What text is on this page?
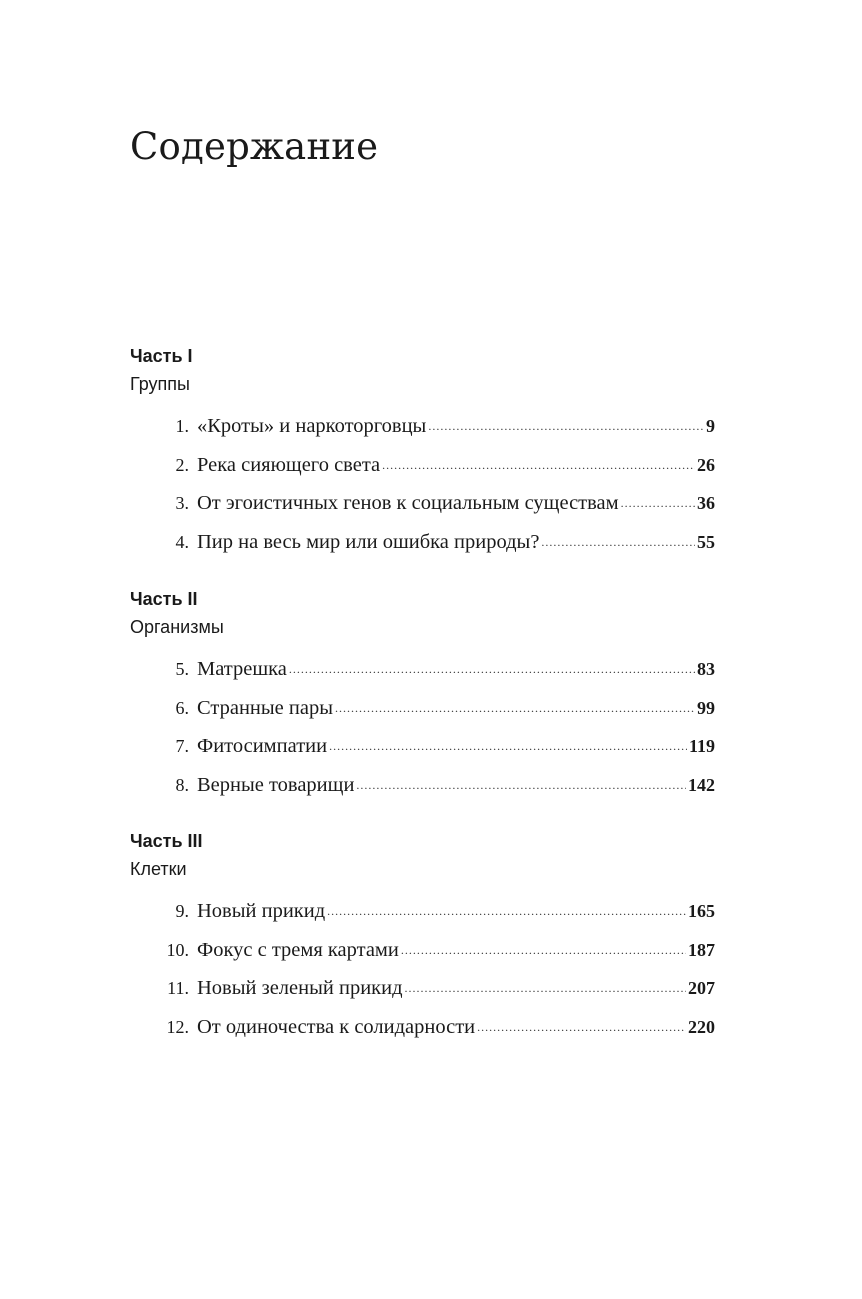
Содержание
Часть I
Группы
1. «Кроты» и наркоторговцы .....	9
2. Река сияющего света .....	26
3. От эгоистичных генов к социальным существам .....	36
4. Пир на весь мир или ошибка природы? .....	55
Часть II
Организмы
5. Матрешка .....	83
6. Странные пары .....	99
7. Фитосимпатии .....	119
8. Верные товарищи .....	142
Часть III
Клетки
9. Новый прикид .....	165
10. Фокус с тремя картами .....	187
11. Новый зеленый прикид .....	207
12. От одиночества к солидарности .....	220
